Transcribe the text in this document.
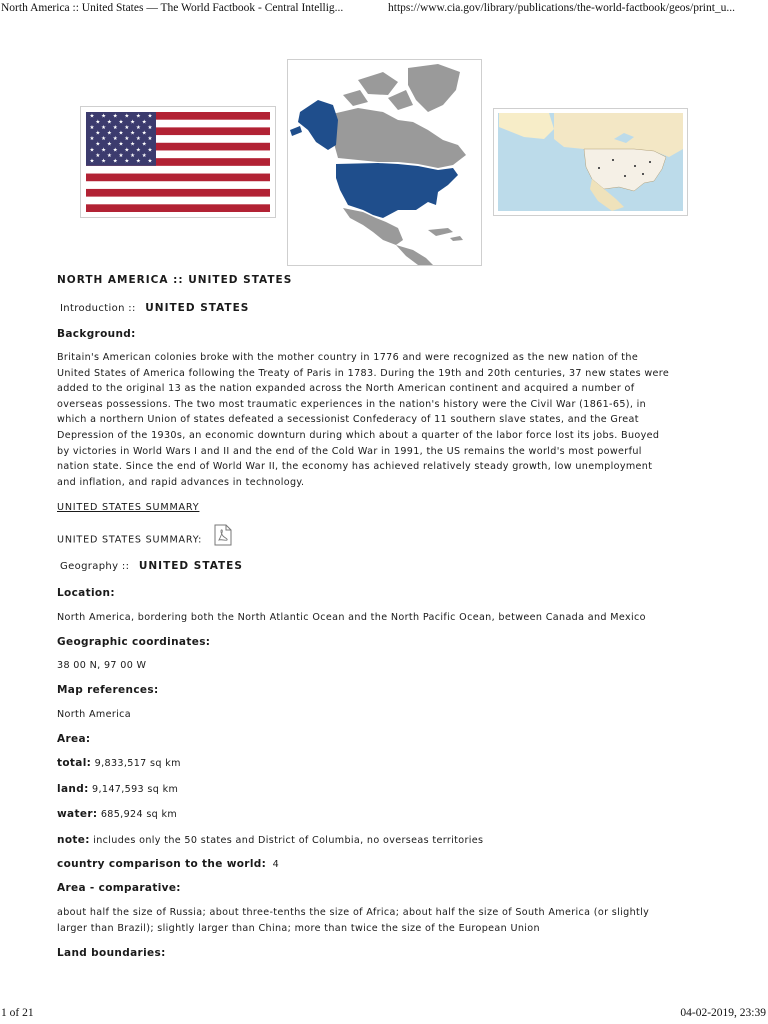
North America :: United States — The World Factbook - Central Intellig...	https://www.cia.gov/library/publications/the-world-factbook/geos/print_u...
★ ★ ★ ★ ★ ★
★ ★ ★ ★ ★
★ ★ ★ ★ ★ ★
★ ★ ★ ★ ★
★ ★ ★ ★ ★ ★
★ ★ ★ ★ ★
★ ★ ★ ★ ★ ★
★ ★ ★ ★ ★
★ ★ ★ ★ ★ ★
NORTH AMERICA :: UNITED STATES
Introduction :: UNITED STATES
Background:
Britain's American colonies broke with the mother country in 1776 and were recognized as the new nation of the
United States of America following the Treaty of Paris in 1783. During the 19th and 20th centuries, 37 new states were
added to the original 13 as the nation expanded across the North American continent and acquired a number of
overseas possessions. The two most traumatic experiences in the nation's history were the Civil War (1861-65), in
which a northern Union of states defeated a secessionist Confederacy of 11 southern slave states, and the Great
Depression of the 1930s, an economic downturn during which about a quarter of the labor force lost its jobs. Buoyed
by victories in World Wars I and II and the end of the Cold War in 1991, the US remains the world's most powerful
nation state. Since the end of World War II, the economy has achieved relatively steady growth, low unemployment
and inflation, and rapid advances in technology.
UNITED STATES SUMMARY
UNITED STATES SUMMARY:
Geography :: UNITED STATES
Location:
North America, bordering both the North Atlantic Ocean and the North Pacific Ocean, between Canada and Mexico
Geographic coordinates:
38 00 N, 97 00 W
Map references:
North America
Area:
total: 9,833,517 sq km
land: 9,147,593 sq km
water: 685,924 sq km
note: includes only the 50 states and District of Columbia, no overseas territories
country comparison to the world: 4
Area - comparative:
about half the size of Russia; about three-tenths the size of Africa; about half the size of South America (or slightly
larger than Brazil); slightly larger than China; more than twice the size of the European Union
Land boundaries:
1 of 21	04-02-2019, 23:39
